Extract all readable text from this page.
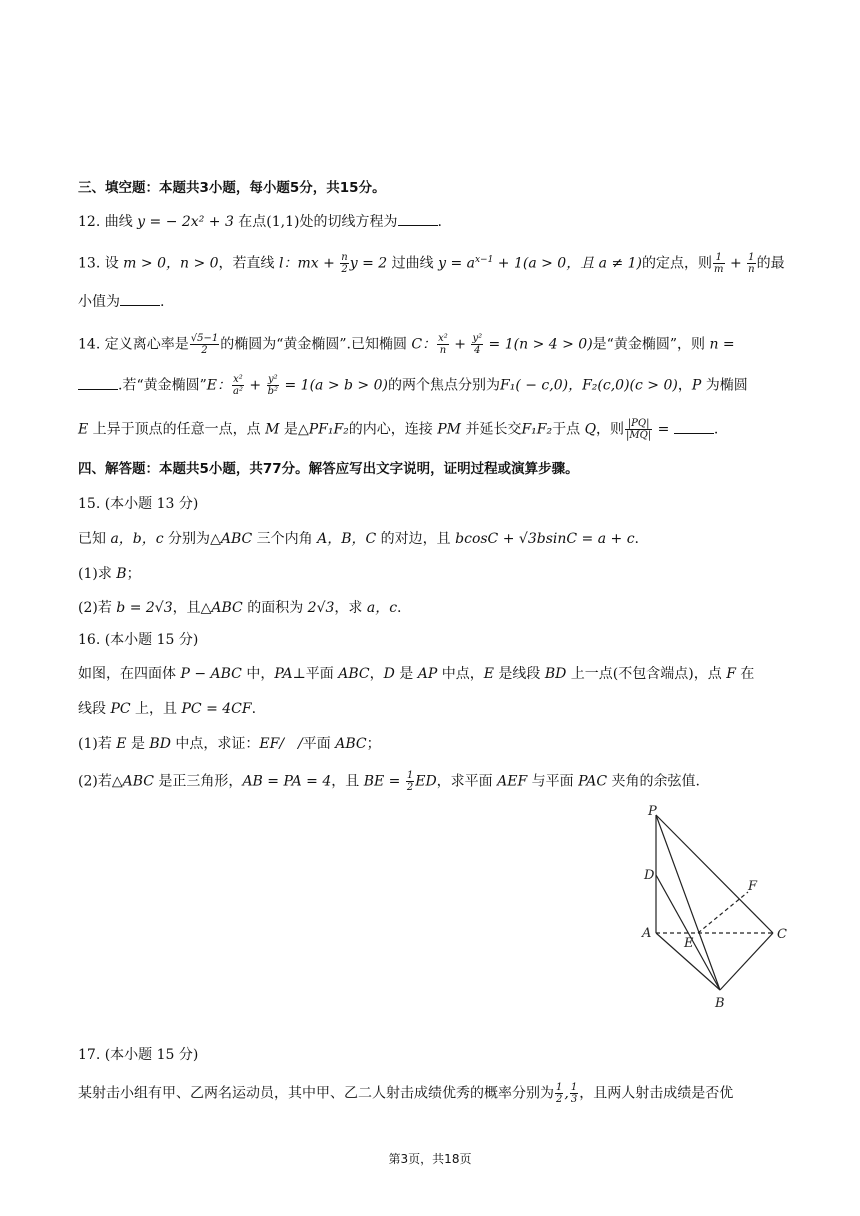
三、填空题：本题共3小题，每小题5分，共15分。
12. 曲线 y = − 2x² + 3 在点(1,1)处的切线方程为	.
13. 设 m > 0，n > 0，若直线 l：mx + $\frac{n}{2}$ y = 2 过曲线 $y = a^{x-1} + 1(a > 0$，且 a ≠ 1)的定点，则 $\frac{1}{m} + \frac{1}{n}$ 的最
小值为	.
14. 定义离心率是 $\frac{√5-1}{2}$ 的椭圆为“黄金椭圆”.已知椭圆 C： $\frac{\text{x²}}{n} + \frac{\text{y²}}{4} = 1(n > 4 > 0)$是“黄金椭圆”，则 n =
.若“黄金椭圆”E： $\frac{\text{x²}}{\text{a²}} + \frac{\text{y²}}{\text{b²}} = 1(a > b > 0)$的两个焦点分别为F₁( − c,0)，F₂(c,0)(c > 0)，P 为椭圆
E 上异于顶点的任意一点，点 M 是△PF₁F₂的内心，连接 PM 并延长交F₁F₂于点 Q，则 $\frac{|PQ|}{|MQ|}$ =	.
四、解答题：本题共5小题，共77分。解答应写出文字说明，证明过程或演算步骤。
15. (本小题 13 分)
已知 a，b，c 分别为△ABC 三个内角 A，B，C 的对边，且 bcosC + √3bsinC = a + c.
(1)求 B；
(2)若 b = 2√3，且△ABC 的面积为 2√3，求 a，c.
16. (本小题 15 分)
如图，在四面体 P − ABC 中，PA⊥平面 ABC，D 是 AP 中点，E 是线段 BD 上一点(不包含端点)，点 F 在
线段 PC 上，且 PC = 4CF.
(1)若 E 是 BD 中点，求证：EF/　/平面 ABC；
(2)若△ABC 是正三角形，AB = PA = 4，且 BE = $\frac{1}{2}$ ED，求平面 AEF 与平面 PAC 夹角的余弦值.
P
D
A
E
F
C
B
17. (本小题 15 分)
某射击小组有甲、乙两名运动员，其中甲、乙二人射击成绩优秀的概率分别为 $\frac{1}{2}$ , $\frac{1}{3}$ ，且两人射击成绩是否优
第3页，共18页
